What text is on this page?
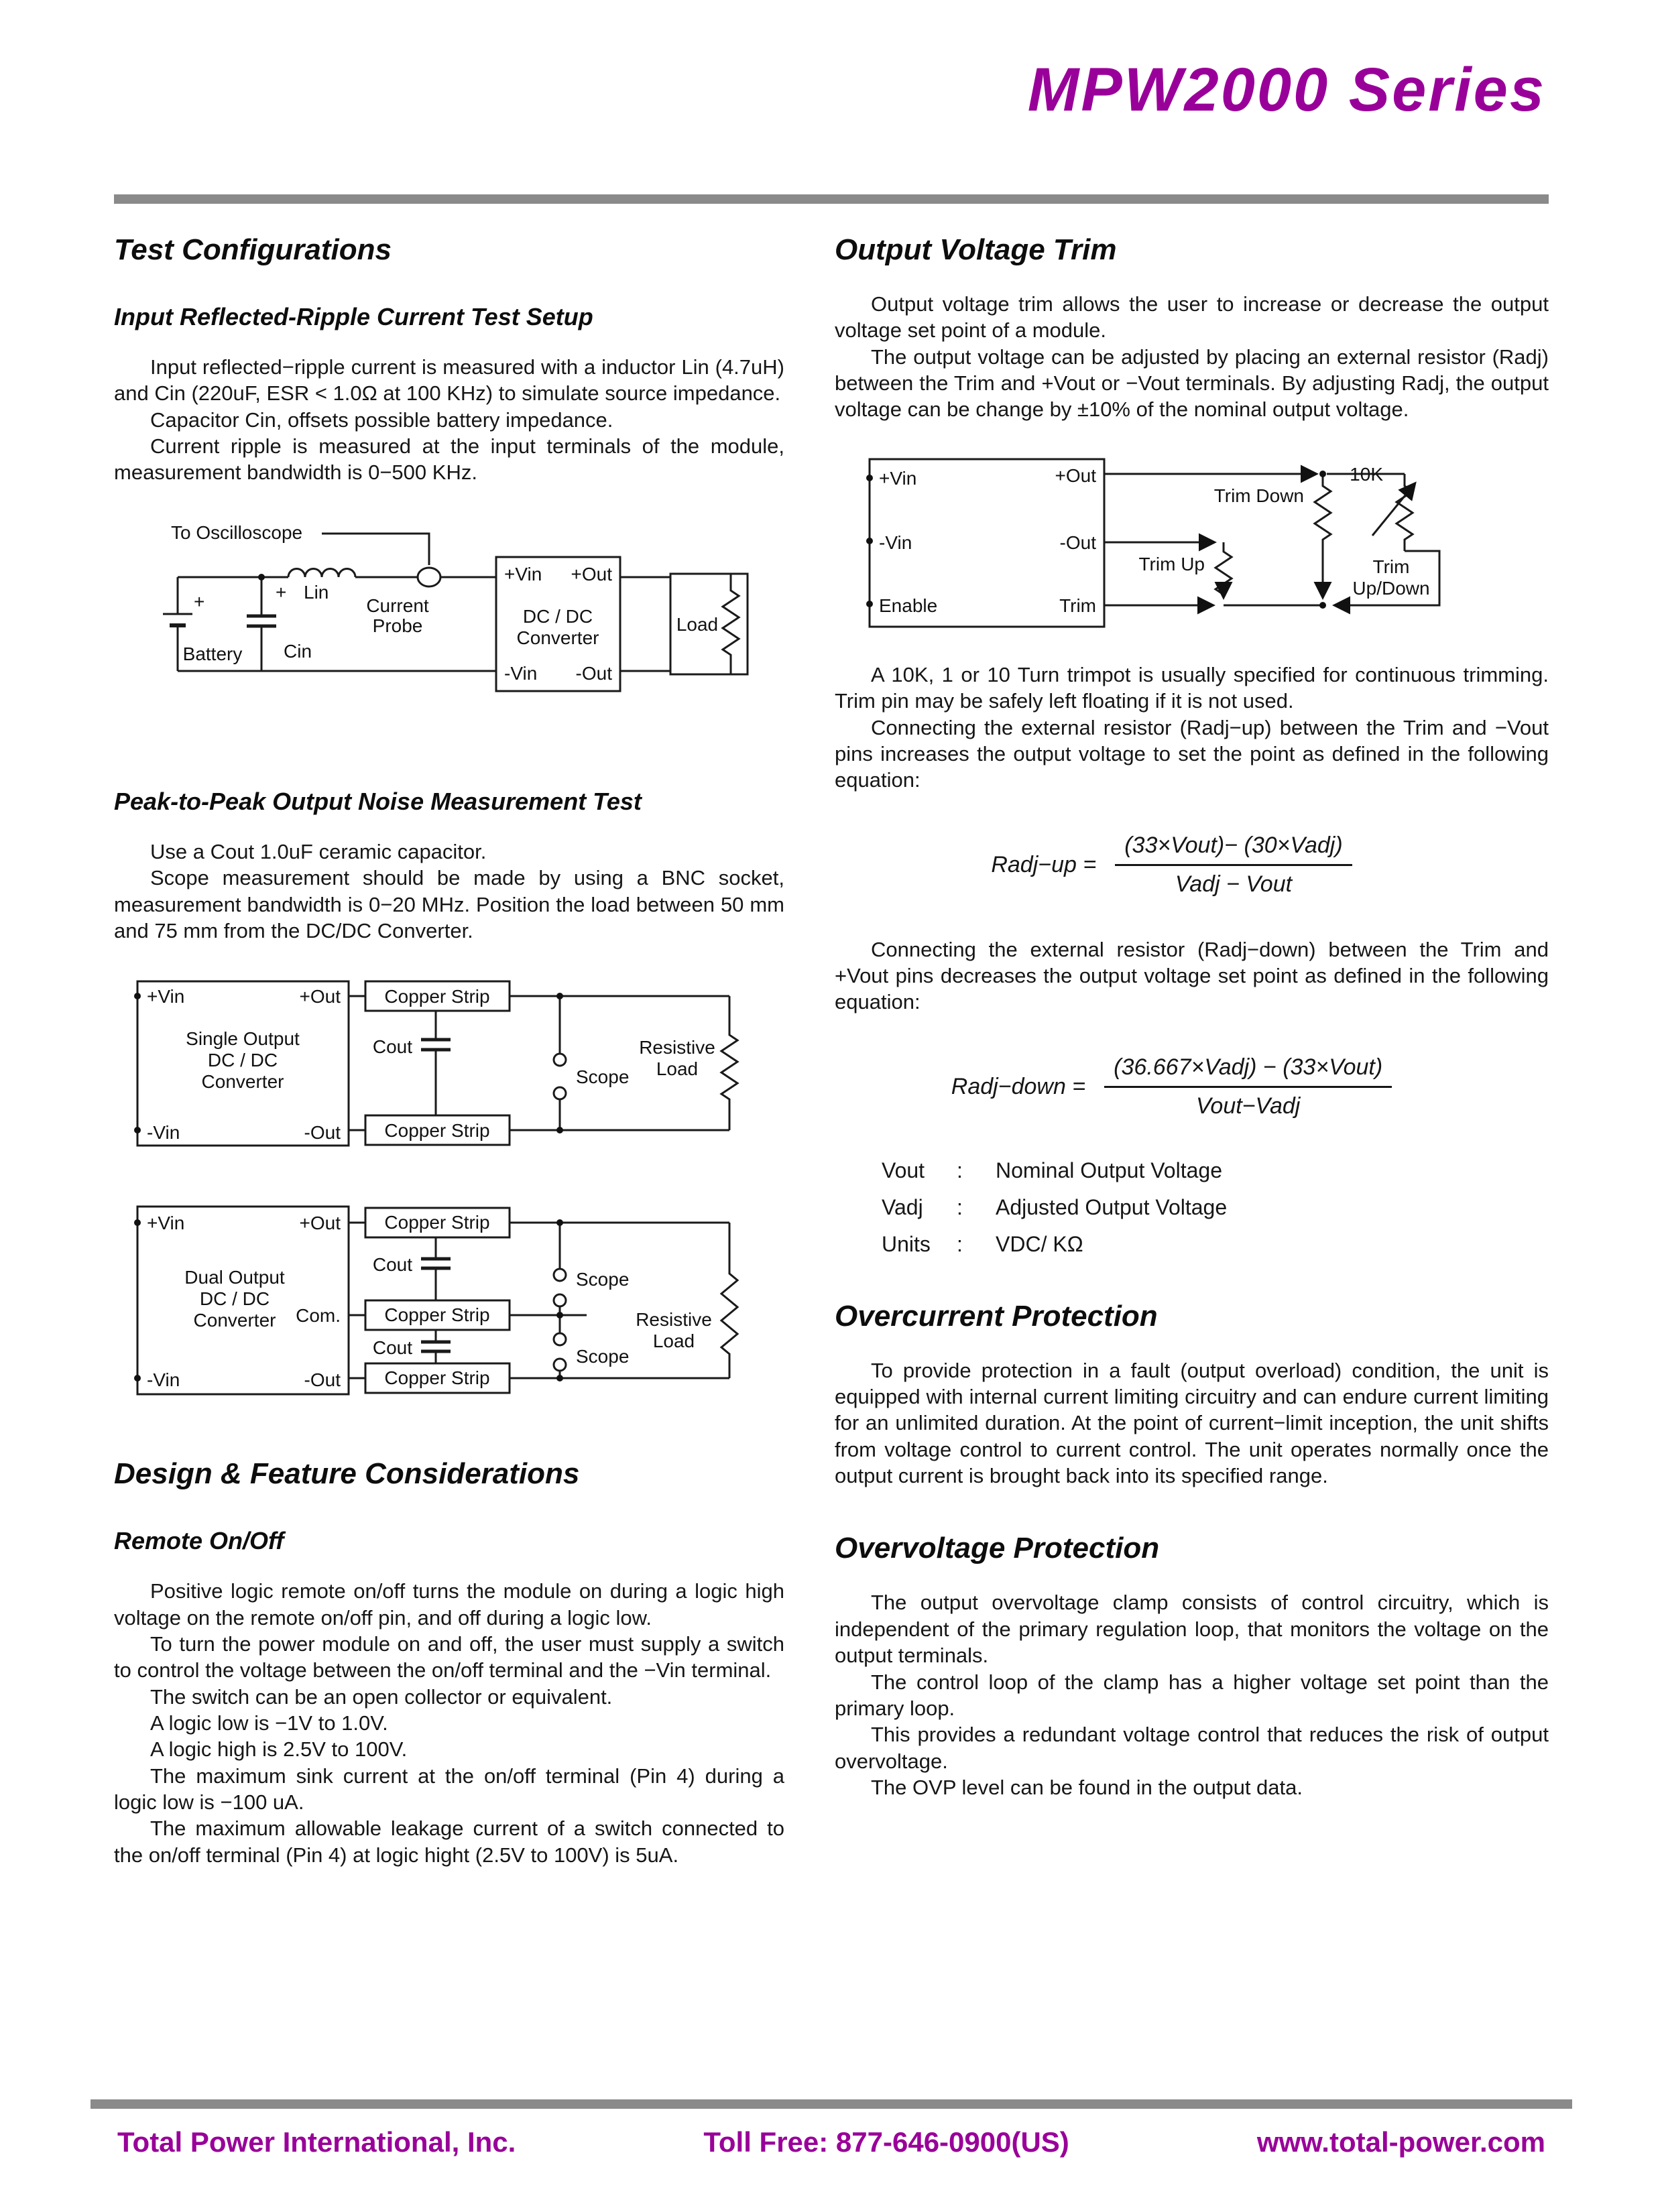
MPW2000 Series
Test Configurations
Input Reflected-Ripple Current Test Setup

Input reflected−ripple current is measured with a inductor Lin (4.7uH) and Cin (220uF, ESR < 1.0Ω at 100 KHz) to simulate source impedance.

Capacitor Cin, offsets possible battery impedance.

Current ripple is measured at the input terminals of the module, measurement bandwidth is 0−500 KHz.

To Oscilloscope
+
Battery
+ Lin
Cin
Current
Probe
+Vin +Out
DC / DC
Converter
-Vin -Out
Load
Peak-to-Peak Output Noise Measurement Test

Use a Cout 1.0uF ceramic capacitor.

Scope measurement should be made by using a BNC socket, measurement bandwidth is 0−20 MHz. Position the load between 50 mm and 75 mm from the DC/DC Converter.

+Vin	+Out
Single Output
DC / DC
Converter
-Vin	-Out
Copper Strip
Copper Strip
Cout
Scope
Resistive
Load
+Vin	+Out
Com.
Dual Output
DC / DC
Converter
-Vin	-Out
Copper Strip
Copper Strip
Copper Strip
Cout
Cout
Scope
Scope
Resistive
Load
Design & Feature Considerations
Remote On/Off

Positive logic remote on/off turns the module on during a logic high voltage on the remote on/off pin, and off during a logic low.

To turn the power module on and off, the user must supply a switch to control the voltage between the on/off terminal and the −Vin terminal.

The switch can be an open collector or equivalent.

A logic low is −1V to 1.0V.

A logic high is 2.5V to 100V.

The maximum sink current at the on/off terminal (Pin 4) during a logic low is −100 uA.

The maximum allowable leakage current of a switch connected to the on/off terminal (Pin 4) at logic hight (2.5V to 100V) is 5uA.

Output Voltage Trim

Output voltage trim allows the user to increase or decrease the output voltage set point of a module.

The output voltage can be adjusted by placing an external resistor (Radj) between the Trim and +Vout or −Vout terminals. By adjusting Radj, the output voltage can be change by ±10% of the nominal output voltage.

+Vin
-Vin
Enable
+Out
-Out
Trim
Trim Down
Trim Up
10K
Trim
Up/Down

A 10K, 1 or 10 Turn trimpot is usually specified for continuous trimming. Trim pin may be safely left floating if it is not used.

Connecting the external resistor (Radj−up) between the Trim and −Vout pins increases the output voltage to set the point as defined in the following equation:

Radj−up = $\frac{\text{(33×Vout)− (30×Vadj)}}{\text{Vadj − Vout}}$

Connecting the external resistor (Radj−down) between the Trim and +Vout pins decreases the output voltage set point as defined in the following equation:

Radj−down = $\frac{\text{(36.667×Vadj) − (33×Vout)}}{\text{Vout−Vadj}}$
Vout	:	Nominal Output Voltage
Vadj	:	Adjusted Output Voltage
Units	:	VDC/ KΩ
Overcurrent Protection

To provide protection in a fault (output overload) condition, the unit is equipped with internal current limiting circuitry and can endure current limiting for an unlimited duration. At the point of current−limit inception, the unit shifts from voltage control to current control. The unit operates normally once the output current is brought back into its specified range.

Overvoltage Protection

The output overvoltage clamp consists of control circuitry, which is independent of the primary regulation loop, that monitors the voltage on the output terminals.

The control loop of the clamp has a higher voltage set point than the primary loop.

This provides a redundant voltage control that reduces the risk of output overvoltage.

The OVP level can be found in the output data.

Total Power International, Inc.	Toll Free: 877-646-0900(US)	www.total-power.com
